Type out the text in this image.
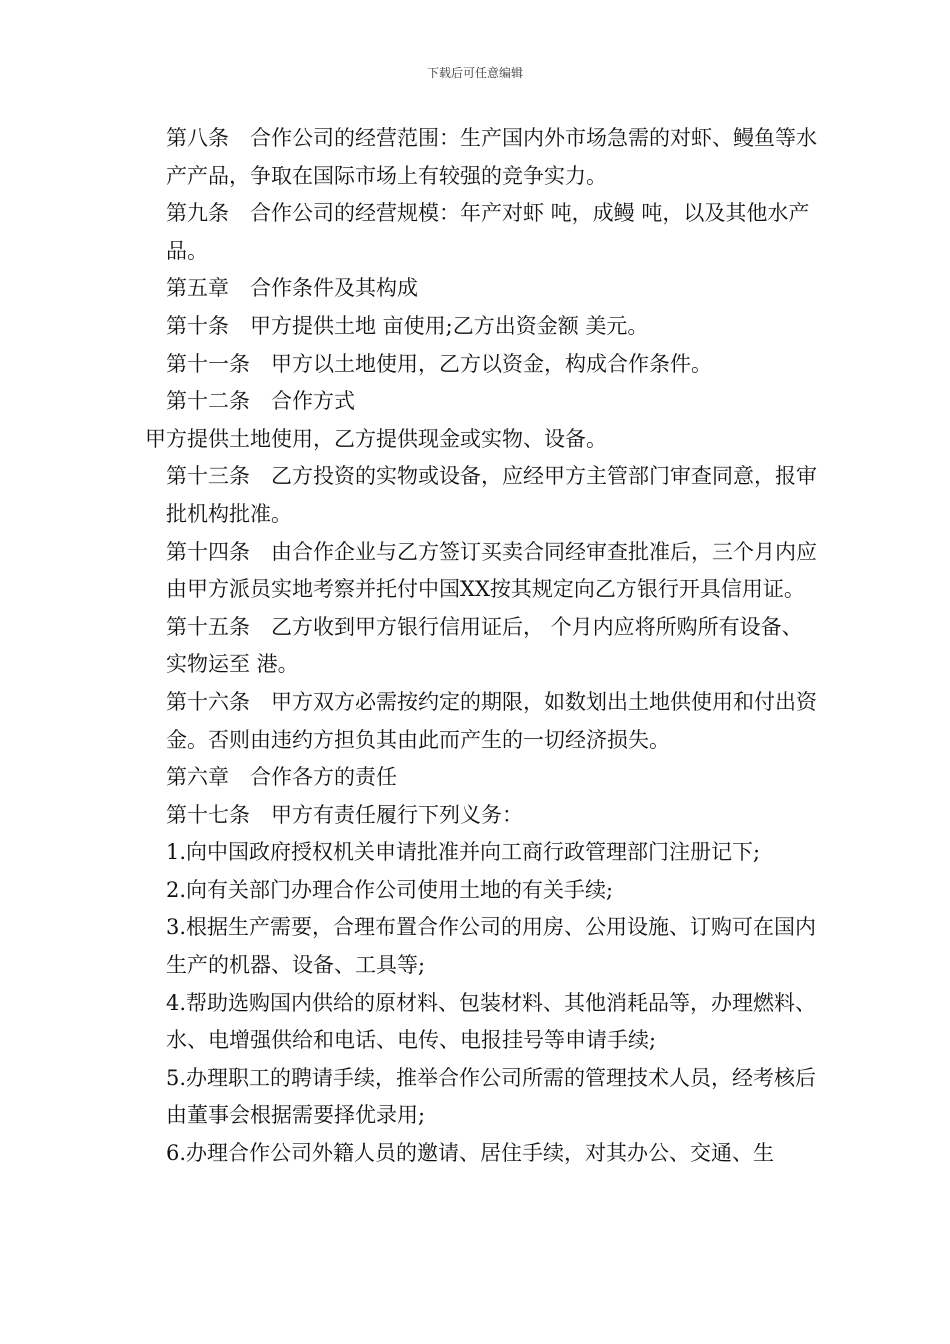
下载后可任意编辑

第八条　合作公司的经营范围：生产国内外市场急需的对虾、鳗鱼等水产产品，争取在国际市场上有较强的竞争实力。

第九条　合作公司的经营规模：年产对虾 吨，成鳗 吨，以及其他水产品。

第五章　合作条件及其构成

第十条　甲方提供土地 亩使用;乙方出资金额 美元。

第十一条　甲方以土地使用，乙方以资金，构成合作条件。

第十二条　合作方式

甲方提供土地使用，乙方提供现金或实物、设备。

第十三条　乙方投资的实物或设备，应经甲方主管部门审查同意，报审批机构批准。

第十四条　由合作企业与乙方签订买卖合同经审查批准后，三个月内应由甲方派员实地考察并托付中国XX按其规定向乙方银行开具信用证。

第十五条　乙方收到甲方银行信用证后， 个月内应将所购所有设备、实物运至 港。

第十六条　甲方双方必需按约定的期限，如数划出土地供使用和付出资金。否则由违约方担负其由此而产生的一切经济损失。

第六章　合作各方的责任

第十七条　甲方有责任履行下列义务：

1.向中国政府授权机关申请批准并向工商行政管理部门注册记下;

2.向有关部门办理合作公司使用土地的有关手续;

3.根据生产需要，合理布置合作公司的用房、公用设施、订购可在国内生产的机器、设备、工具等;

4.帮助选购国内供给的原材料、包装材料、其他消耗品等，办理燃料、水、电增强供给和电话、电传、电报挂号等申请手续;

5.办理职工的聘请手续，推举合作公司所需的管理技术人员，经考核后由董事会根据需要择优录用;

6.办理合作公司外籍人员的邀请、居住手续，对其办公、交通、生
